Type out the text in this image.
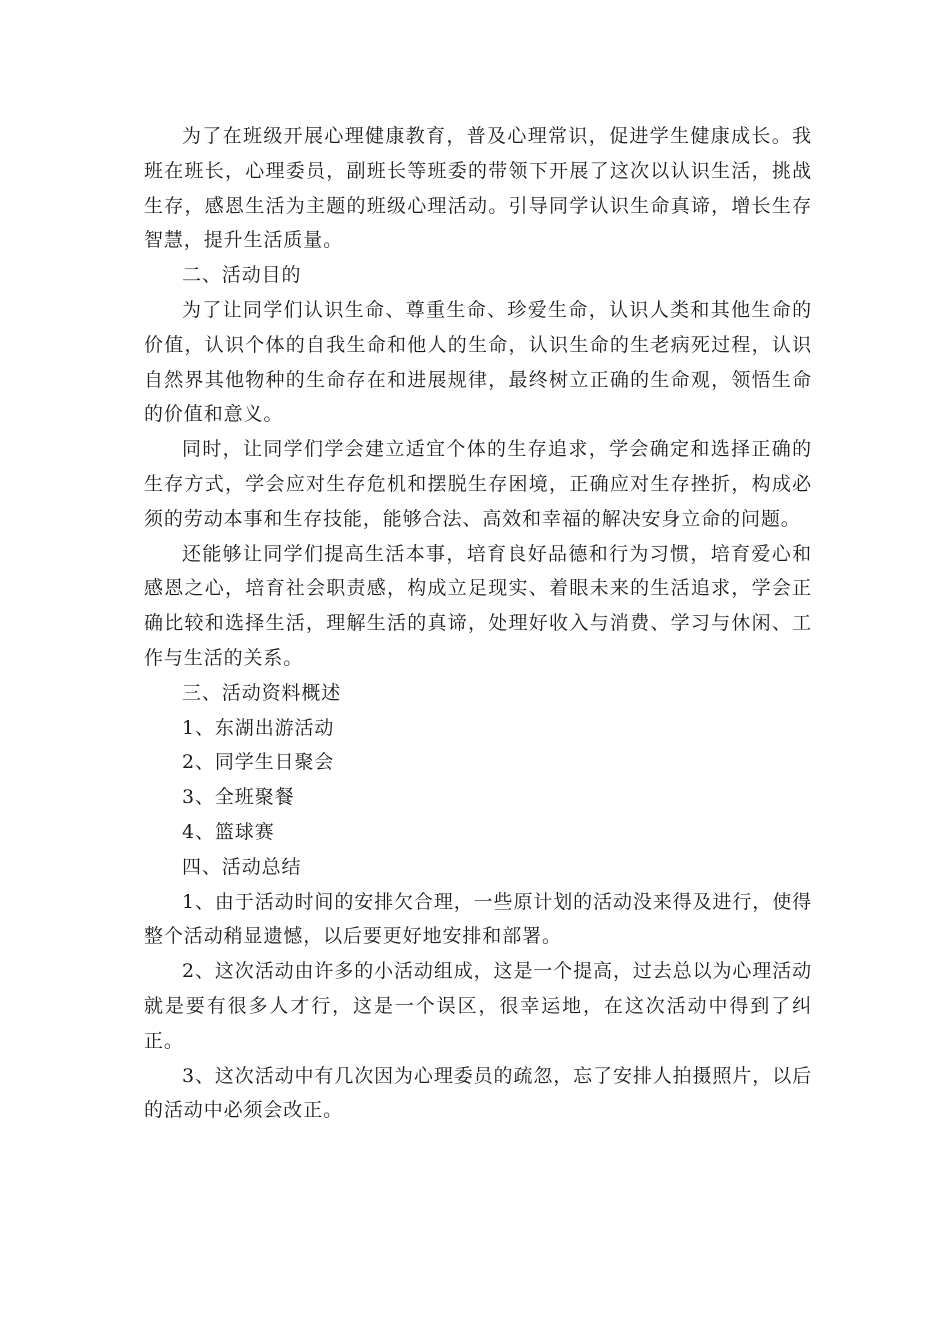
为了在班级开展心理健康教育，普及心理常识，促进学生健康成长。我班在班长，心理委员，副班长等班委的带领下开展了这次以认识生活，挑战生存，感恩生活为主题的班级心理活动。引导同学认识生命真谛，增长生存智慧，提升生活质量。

二、活动目的

为了让同学们认识生命、尊重生命、珍爱生命，认识人类和其他生命的价值，认识个体的自我生命和他人的生命，认识生命的生老病死过程，认识自然界其他物种的生命存在和进展规律，最终树立正确的生命观，领悟生命的价值和意义。

同时，让同学们学会建立适宜个体的生存追求，学会确定和选择正确的生存方式，学会应对生存危机和摆脱生存困境，正确应对生存挫折，构成必须的劳动本事和生存技能，能够合法、高效和幸福的解决安身立命的问题。

还能够让同学们提高生活本事，培育良好品德和行为习惯，培育爱心和感恩之心，培育社会职责感，构成立足现实、着眼未来的生活追求，学会正确比较和选择生活，理解生活的真谛，处理好收入与消费、学习与休闲、工作与生活的关系。

三、活动资料概述

1、东湖出游活动

2、同学生日聚会

3、全班聚餐

4、篮球赛

四、活动总结

1、由于活动时间的安排欠合理，一些原计划的活动没来得及进行，使得整个活动稍显遗憾，以后要更好地安排和部署。

2、这次活动由许多的小活动组成，这是一个提高，过去总以为心理活动就是要有很多人才行，这是一个误区，很幸运地，在这次活动中得到了纠正。

3、这次活动中有几次因为心理委员的疏忽，忘了安排人拍摄照片，以后的活动中必须会改正。
